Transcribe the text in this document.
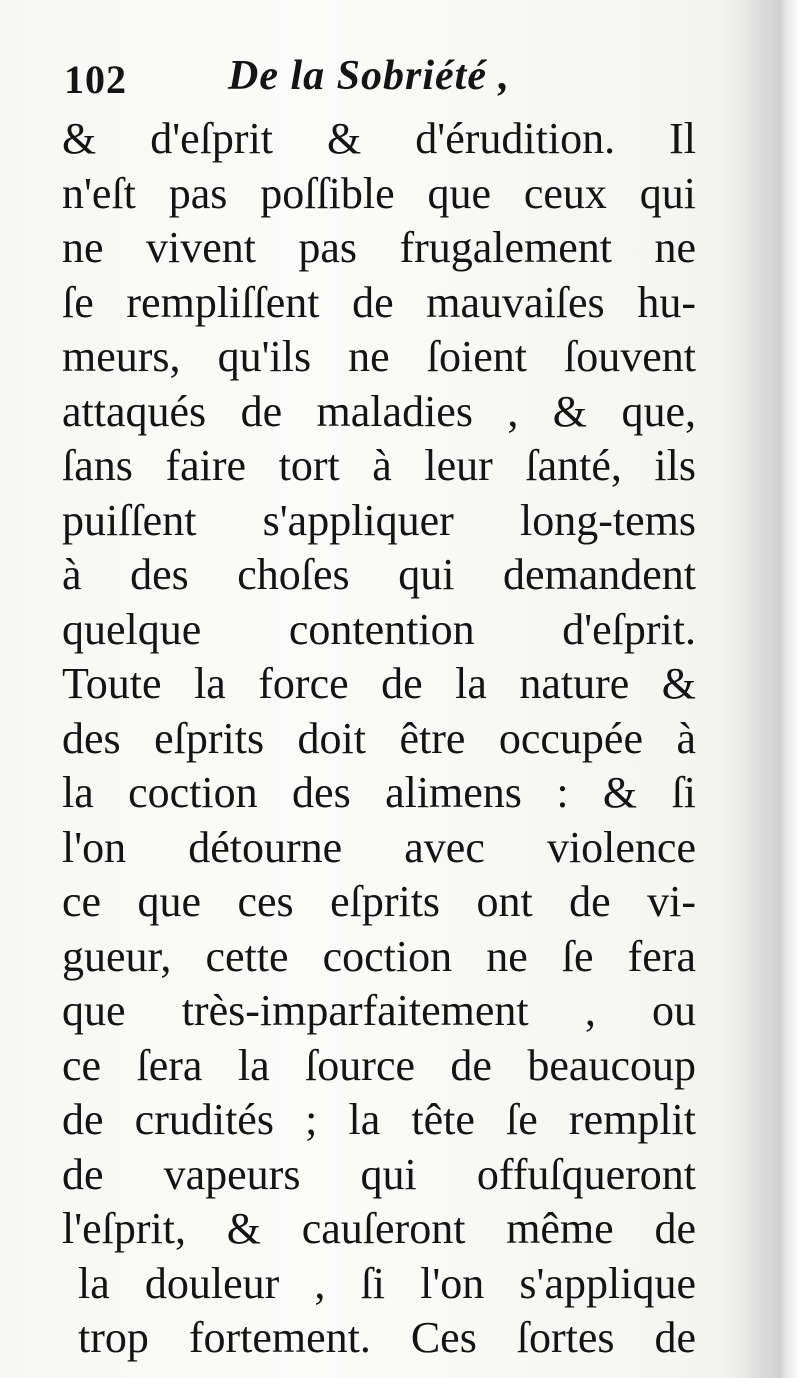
102 De la Sobriété ,
& d'eſprit & d'érudition. Il
n'eſt pas poſſible que ceux qui
ne vivent pas frugalement ne
ſe rempliſſent de mauvaiſes hu-
meurs, qu'ils ne ſoient ſouvent
attaqués de maladies , & que,
ſans faire tort à leur ſanté, ils
puiſſent s'appliquer long-tems
à des choſes qui demandent
quelque contention d'eſprit.
Toute la force de la nature &
des eſprits doit être occupée à
la coction des alimens : & ſi
l'on détourne avec violence
ce que ces eſprits ont de vi-
gueur, cette coction ne ſe fera
que très-imparfaitement , ou
ce ſera la ſource de beaucoup
de crudités ; la tête ſe remplit
de vapeurs qui offuſqueront
l'eſprit, & cauſeront même de
la douleur , ſi l'on s'applique
trop fortement. Ces ſortes de
